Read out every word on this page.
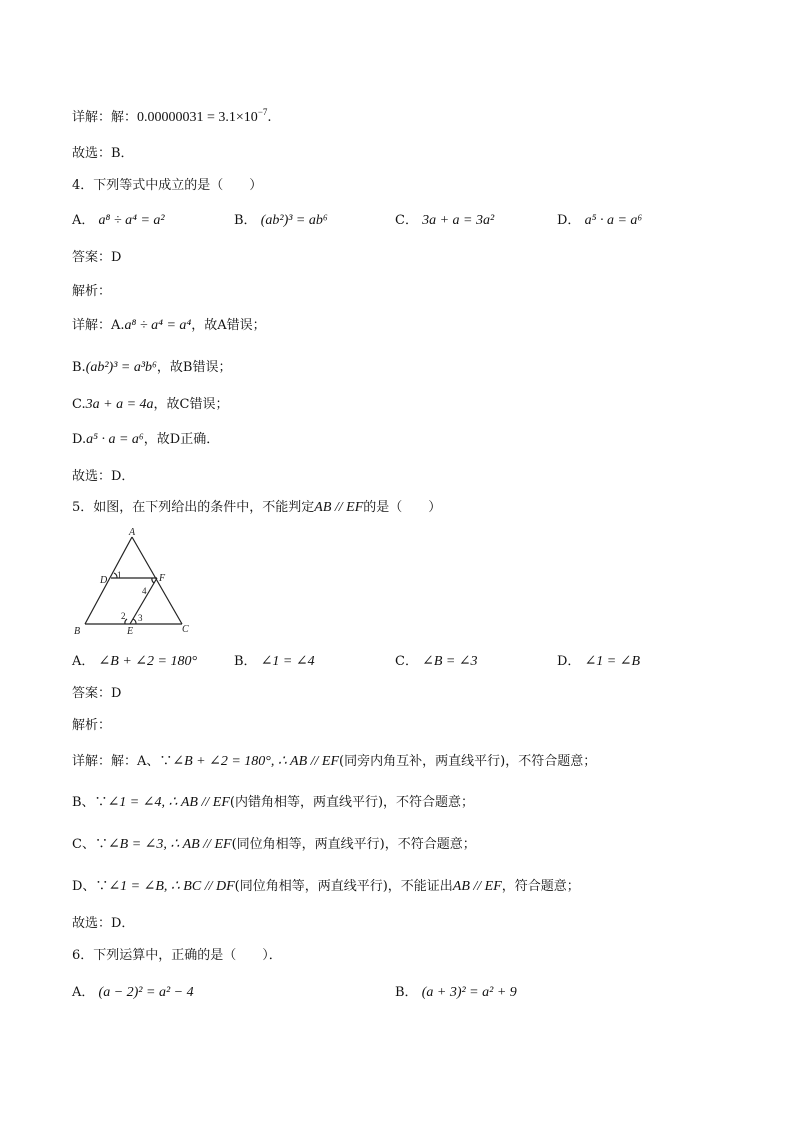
详解：解：$0.00000031 = 3.1\times 10^{-7}$.
故选：B．
4．下列等式中成立的是（　　）
A． a⁸ ÷ a⁴ = a²	B． (ab²)³ = ab⁶	C． 3a + a = 3a²	D． a⁵ · a = a⁶
答案：D
解析：
详解：A.a⁸ ÷ a⁴ = a⁴，故A错误；
B.(ab²)³ = a³b⁶，故B错误；
C.3a + a = 4a，故C错误；
D.a⁵ · a = a⁶，故D正确．
故选：D．
5．如图，在下列给出的条件中，不能判定AB // EF的是（　　）
A
B	C
D
E
F
1
4
2 3
A． ∠B + ∠2 = 180°	B． ∠1 = ∠4	C． ∠B = ∠3	D． ∠1 = ∠B
答案：D
解析：
详解：解：A、∵∠B + ∠2 = 180°, ∴ AB // EF(同旁内角互补，两直线平行)，不符合题意；
B、∵∠1 = ∠4, ∴ AB // EF(内错角相等，两直线平行)，不符合题意；
C、∵∠B = ∠3, ∴ AB // EF(同位角相等，两直线平行)，不符合题意；
D、∵∠1 = ∠B, ∴ BC // DF(同位角相等，两直线平行)，不能证出AB // EF，符合题意；
故选：D．
6．下列运算中，正确的是（　　）．
A． (a − 2)² = a² − 4	B． (a + 3)² = a² + 9
